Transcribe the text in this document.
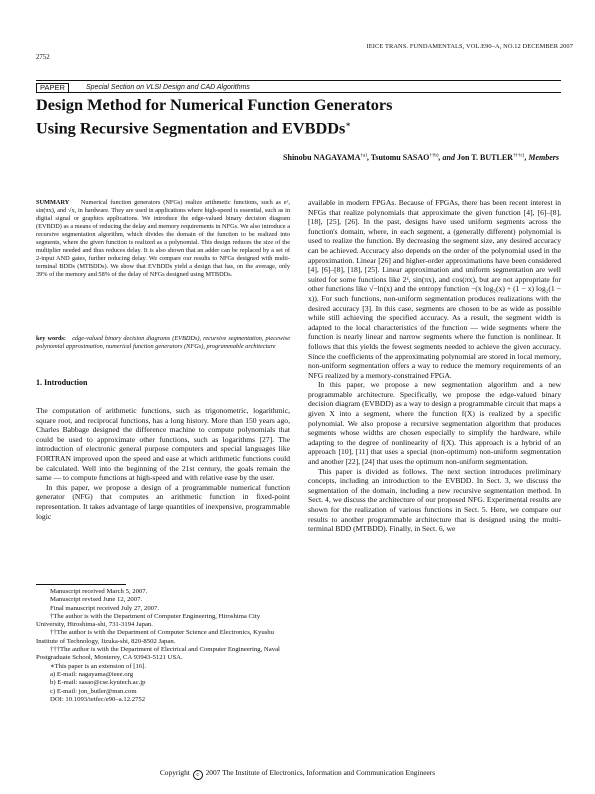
IEICE TRANS. FUNDAMENTALS, VOL.E90–A, NO.12 DECEMBER 2007
2752
PAPER	Special Section on VLSI Design and CAD Algorithms
Design Method for Numerical Function Generators
Using Recursive Segmentation and EVBDDs∗
Shinobu NAGAYAMA$^{\dagger a)}$, Tsutomu SASAO$^{\dagger\dagger b)}$, and Jon T. BUTLER$^{\dagger\dagger\dagger c)}$, Members
SUMMARY Numerical function generators (NFGs) realize arithmetic functions, such as eˣ, sin(πx), and √x, in hardware. They are used in applications where high-speed is essential, such as in digital signal or graphics applications. We introduce the edge-valued binary decision diagram (EVBDD) as a means of reducing the delay and memory requirements in NFGs. We also introduce a recursive segmentation algorithm, which divides the domain of the function to be realized into segments, where the given function is realized as a polynomial. This design reduces the size of the multiplier needed and thus reduces delay. It is also shown that an adder can be replaced by a set of 2-input AND gates, further reducing delay. We compare our results to NFGs designed with multi-terminal BDDs (MTBDDs). We show that EVBDDs yield a design that has, on the average, only 39% of the memory and 58% of the delay of NFGs designed using MTBDDs.
key words: edge-valued binary decision diagrams (EVBDDs), recursive segmentation, piecewise polynomial approximation, numerical function generators (NFGs), programmable architecture
1. Introduction

The computation of arithmetic functions, such as trigonometric, logarithmic, square root, and reciprocal functions, has a long history. More than 150 years ago, Charles Babbage designed the difference machine to compute polynomials that could be used to approximate other functions, such as logarithms [27]. The introduction of electronic general purpose computers and special languages like FORTRAN improved upon the speed and ease at which arithmetic functions could be calculated. Well into the beginning of the 21st century, the goals remain the same — to compute functions at high-speed and with relative ease by the user.

In this paper, we propose a design of a programmable numerical function generator (NFG) that computes an arithmetic function in fixed-point representation. It takes advantage of large quantities of inexpensive, programmable logic

Manuscript received March 5, 2007.
Manuscript revised June 12, 2007.
Final manuscript received July 27, 2007.
†The author is with the Department of Computer Engineering, Hiroshima City University, Hiroshima-shi, 731-3194 Japan.
††The author is with the Department of Computer Science and Electronics, Kyushu Institute of Technology, Iizuka-shi, 820-8502 Japan.
†††The author is with the Department of Electrical and Computer Engineering, Naval Postgraduate School, Monterey, CA 93943-5121 USA.
∗This paper is an extension of [16].
a) E-mail: nagayama@ieee.org
b) E-mail: sasao@cse.kyutech.ac.jp
c) E-mail: jon_butler@msn.com
DOI: 10.1093/ietfec/e90–a.12.2752

available in modern FPGAs. Because of FPGAs, there has been recent interest in NFGs that realize polynomials that approximate the given function [4], [6]–[8], [18], [25], [26]. In the past, designs have used uniform segments across the function's domain, where, in each segment, a (generally different) polynomial is used to realize the function. By decreasing the segment size, any desired accuracy can be achieved. Accuracy also depends on the order of the polynomial used in the approximation. Linear [26] and higher-order approximations have been considered [4], [6]–[8], [18], [25]. Linear approximation and uniform segmentation are well suited for some functions like 2ˣ, sin(πx), and cos(πx), but are not appropriate for other functions like √−ln(x) and the entropy function −(x log₂(x) + (1 − x) log₂(1 − x)). For such functions, non-uniform segmentation produces realizations with the desired accuracy [3]. In this case, segments are chosen to be as wide as possible while still achieving the specified accuracy. As a result, the segment width is adapted to the local characteristics of the function — wide segments where the function is nearly linear and narrow segments where the function is nonlinear. It follows that this yields the fewest segments needed to achieve the given accuracy. Since the coefficients of the approximating polynomial are stored in local memory, non-uniform segmentation offers a way to reduce the memory requirements of an NFG realized by a memory-constrained FPGA.

In this paper, we propose a new segmentation algorithm and a new programmable architecture. Specifically, we propose the edge-valued binary decision diagram (EVBDD) as a way to design a programmable circuit that maps a given X into a segment, where the function f(X) is realized by a specific polynomial. We also propose a recursive segmentation algorithm that produces segments whose widths are chosen especially to simplify the hardware, while adapting to the degree of nonlinearity of f(X). This approach is a hybrid of an approach [10], [11] that uses a special (non-optimum) non-uniform segmentation and another [22], [24] that uses the optimum non-uniform segmentation.

This paper is divided as follows. The next section introduces preliminary concepts, including an introduction to the EVBDD. In Sect. 3, we discuss the segmentation of the domain, including a new recursive segmentation method. In Sect. 4, we discuss the architecture of our proposed NFG. Experimental results are shown for the realization of various functions in Sect. 5. Here, we compare our results to another programmable architecture that is designed using the multi-terminal BDD (MTBDD). Finally, in Sect. 6, we

Copyright c 2007 The Institute of Electronics, Information and Communication Engineers
